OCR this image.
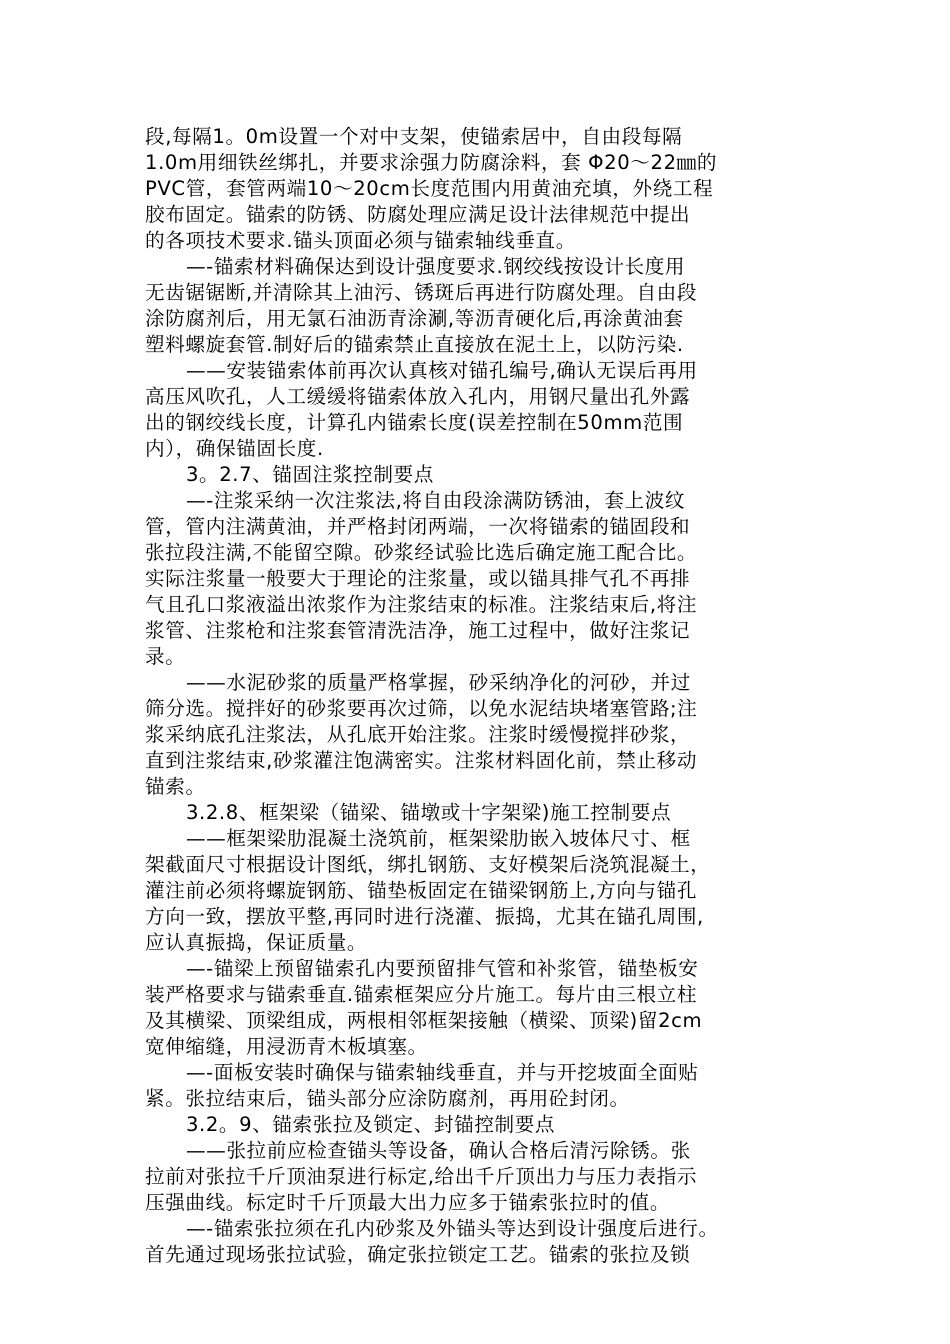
段,每隔1。0m设置一个对中支架，使锚索居中，自由段每隔
1.0m用细铁丝绑扎，并要求涂强力防腐涂料，套 Φ20～22㎜的
PVC管，套管两端10～20cm长度范围内用黄油充填，外绕工程
胶布固定。锚索的防锈、防腐处理应满足设计法律规范中提出
的各项技术要求.锚头顶面必须与锚索轴线垂直。
—-锚索材料确保达到设计强度要求.钢绞线按设计长度用
无齿锯锯断,并清除其上油污、锈斑后再进行防腐处理。自由段
涂防腐剂后，用无氯石油沥青涂涮,等沥青硬化后,再涂黄油套
塑料螺旋套管.制好后的锚索禁止直接放在泥土上，以防污染.
——安装锚索体前再次认真核对锚孔编号,确认无误后再用
高压风吹孔，人工缓缓将锚索体放入孔内，用钢尺量出孔外露
出的钢绞线长度，计算孔内锚索长度(误差控制在50mm范围
内），确保锚固长度.
3。2.7、锚固注浆控制要点
—-注浆采纳一次注浆法,将自由段涂满防锈油，套上波纹
管，管内注满黄油，并严格封闭两端，一次将锚索的锚固段和
张拉段注满,不能留空隙。砂浆经试验比选后确定施工配合比。
实际注浆量一般要大于理论的注浆量，或以锚具排气孔不再排
气且孔口浆液溢出浓浆作为注浆结束的标准。注浆结束后,将注
浆管、注浆枪和注浆套管清洗洁净，施工过程中，做好注浆记
录。
——水泥砂浆的质量严格掌握，砂采纳净化的河砂，并过
筛分选。搅拌好的砂浆要再次过筛，以免水泥结块堵塞管路;注
浆采纳底孔注浆法，从孔底开始注浆。注浆时缓慢搅拌砂浆，
直到注浆结束,砂浆灌注饱满密实。注浆材料固化前，禁止移动
锚索。
3.2.8、框架梁（锚梁、锚墩或十字架梁)施工控制要点
——框架梁肋混凝土浇筑前，框架梁肋嵌入坡体尺寸、框
架截面尺寸根据设计图纸，绑扎钢筋、支好模架后浇筑混凝土，
灌注前必须将螺旋钢筋、锚垫板固定在锚梁钢筋上,方向与锚孔
方向一致，摆放平整,再同时进行浇灌、振捣，尤其在锚孔周围,
应认真振捣，保证质量。
—-锚梁上预留锚索孔内要预留排气管和补浆管，锚垫板安
装严格要求与锚索垂直.锚索框架应分片施工。每片由三根立柱
及其横梁、顶梁组成，两根相邻框架接触（横梁、顶梁)留2cm
宽伸缩缝，用浸沥青木板填塞。
—-面板安装时确保与锚索轴线垂直，并与开挖坡面全面贴
紧。张拉结束后，锚头部分应涂防腐剂，再用砼封闭。
3.2。9、锚索张拉及锁定、封锚控制要点
——张拉前应检查锚头等设备，确认合格后清污除锈。张
拉前对张拉千斤顶油泵进行标定,给出千斤顶出力与压力表指示
压强曲线。标定时千斤顶最大出力应多于锚索张拉时的值。
—-锚索张拉须在孔内砂浆及外锚头等达到设计强度后进行。
首先通过现场张拉试验，确定张拉锁定工艺。锚索的张拉及锁
